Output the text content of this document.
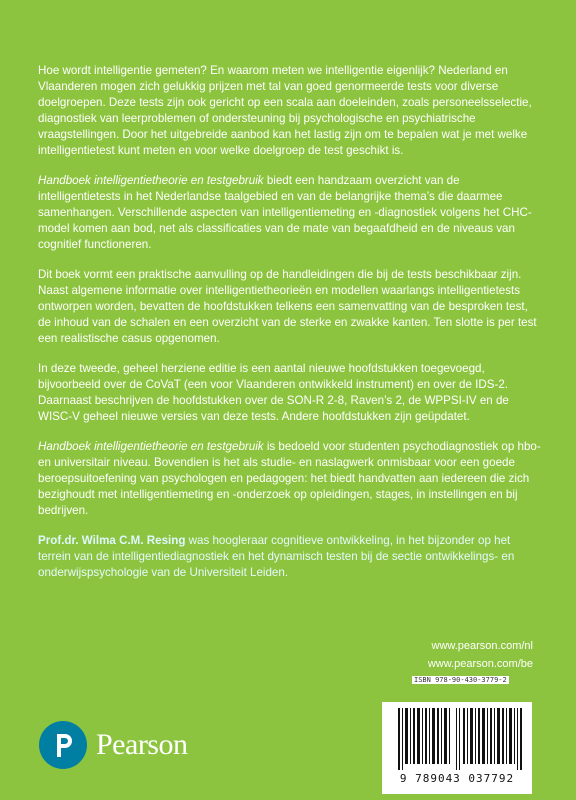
Hoe wordt intelligentie gemeten? En waarom meten we intelligentie eigenlijk? Nederland en Vlaanderen mogen zich gelukkig prijzen met tal van goed genormeerde tests voor diverse doelgroepen. Deze tests zijn ook gericht op een scala aan doeleinden, zoals personeelsselectie, diagnostiek van leerproblemen of ondersteuning bij psychologische en psychiatrische vraagstellingen. Door het uitgebreide aanbod kan het lastig zijn om te bepalen wat je met welke intelligentietest kunt meten en voor welke doelgroep de test geschikt is.

Handboek intelligentietheorie en testgebruik biedt een handzaam overzicht van de intelligentietests in het Nederlandse taalgebied en van de belangrijke thema’s die daarmee samenhangen. Verschillende aspecten van intelligentiemeting en -diagnostiek volgens het CHC-model komen aan bod, net als classificaties van de mate van begaafdheid en de niveaus van cognitief functioneren.

Dit boek vormt een praktische aanvulling op de handleidingen die bij de tests beschikbaar zijn. Naast algemene informatie over intelligentietheorieën en modellen waarlangs intelligentietests ontworpen worden, bevatten de hoofdstukken telkens een samenvatting van de besproken test, de inhoud van de schalen en een overzicht van de sterke en zwakke kanten. Ten slotte is per test een realistische casus opgenomen.

In deze tweede, geheel herziene editie is een aantal nieuwe hoofdstukken toegevoegd, bijvoorbeeld over de CoVaT (een voor Vlaanderen ontwikkeld instrument) en over de IDS-2. Daarnaast beschrijven de hoofdstukken over de SON-R 2-8, Raven’s 2, de WPPSI-IV en de WISC-V geheel nieuwe versies van deze tests. Andere hoofdstukken zijn geüpdatet.

Handboek intelligentietheorie en testgebruik is bedoeld voor studenten psychodiagnostiek op hbo- en universitair niveau. Bovendien is het als studie- en naslagwerk onmisbaar voor een goede beroepsuitoefening van psychologen en pedagogen: het biedt handvatten aan iedereen die zich bezighoudt met intelligentiemeting en -onderzoek op opleidingen, stages, in instellingen en bij bedrijven.

Prof.dr. Wilma C.M. Resing was hoogleraar cognitieve ontwikkeling, in het bijzonder op het terrein van de intelligentiediagnostiek en het dynamisch testen bij de sectie ontwikkelings- en onderwijspsychologie van de Universiteit Leiden.

www.pearson.com/nl
www.pearson.com/be
Pearson
ISBN 978-90-430-3779-2
9 789043 037792
